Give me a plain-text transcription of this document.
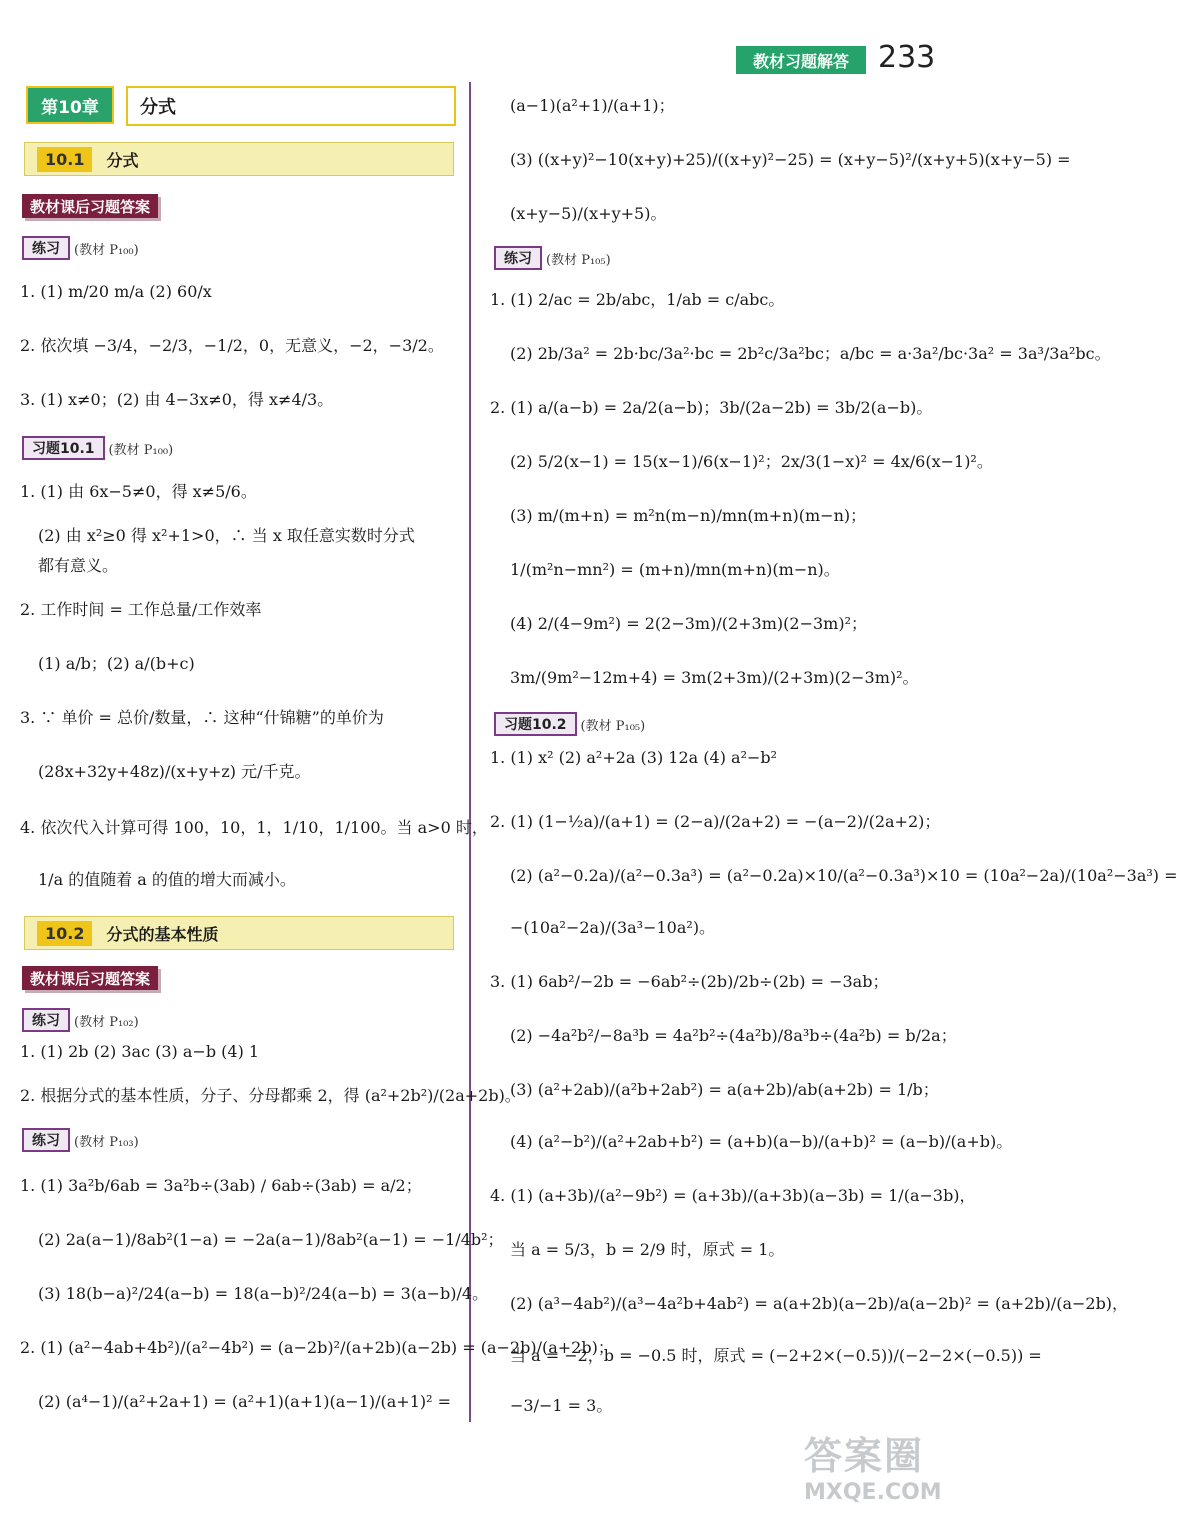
教材习题解答 233
第10章	分式
10.1	分式
教材课后习题答案
练习	(教材 P₁₀₀)
1. (1) m/20 m/a (2) 60/x
2. 依次填 −3/4，−2/3，−1/2，0，无意义，−2，−3/2。
3. (1) x≠0；(2) 由 4−3x≠0，得 x≠4/3。
习题10.1	(教材 P₁₀₀)
1. (1) 由 6x−5≠0，得 x≠5/6。
(2) 由 x²≥0 得 x²+1>0，∴ 当 x 取任意实数时分式
都有意义。
2. 工作时间 = 工作总量/工作效率
(1) a/b；(2) a/(b+c)
3. ∵ 单价 = 总价/数量，∴ 这种“什锦糖”的单价为
(28x+32y+48z)/(x+y+z) 元/千克。
4. 依次代入计算可得 100，10，1，1/10，1/100。当 a>0 时，
1/a 的值随着 a 的值的增大而减小。
10.2	分式的基本性质
教材课后习题答案
练习	(教材 P₁₀₂)
1. (1) 2b (2) 3ac (3) a−b (4) 1
2. 根据分式的基本性质，分子、分母都乘 2，得 (a²+2b²)/(2a+2b)。
练习	(教材 P₁₀₃)
1. (1) 3a²b/6ab = 3a²b÷(3ab) / 6ab÷(3ab) = a/2；
(2) 2a(a−1)/8ab²(1−a) = −2a(a−1)/8ab²(a−1) = −1/4b²；
(3) 18(b−a)²/24(a−b) = 18(a−b)²/24(a−b) = 3(a−b)/4。
2. (1) (a²−4ab+4b²)/(a²−4b²) = (a−2b)²/(a+2b)(a−2b) = (a−2b)/(a+2b)；
(2) (a⁴−1)/(a²+2a+1) = (a²+1)(a+1)(a−1)/(a+1)² =
(a−1)(a²+1)/(a+1)；
(3) ((x+y)²−10(x+y)+25)/((x+y)²−25) = (x+y−5)²/(x+y+5)(x+y−5) =
(x+y−5)/(x+y+5)。
练习	(教材 P₁₀₅)
1. (1) 2/ac = 2b/abc，1/ab = c/abc。
(2) 2b/3a² = 2b·bc/3a²·bc = 2b²c/3a²bc；a/bc = a·3a²/bc·3a² = 3a³/3a²bc。
2. (1) a/(a−b) = 2a/2(a−b)；3b/(2a−2b) = 3b/2(a−b)。
(2) 5/2(x−1) = 15(x−1)/6(x−1)²；2x/3(1−x)² = 4x/6(x−1)²。
(3) m/(m+n) = m²n(m−n)/mn(m+n)(m−n)；
1/(m²n−mn²) = (m+n)/mn(m+n)(m−n)。
(4) 2/(4−9m²) = 2(2−3m)/(2+3m)(2−3m)²；
3m/(9m²−12m+4) = 3m(2+3m)/(2+3m)(2−3m)²。
习题10.2	(教材 P₁₀₅)
1. (1) x² (2) a²+2a (3) 12a (4) a²−b²
2. (1) (1−½a)/(a+1) = (2−a)/(2a+2) = −(a−2)/(2a+2)；
(2) (a²−0.2a)/(a²−0.3a³) = (a²−0.2a)×10/(a²−0.3a³)×10 = (10a²−2a)/(10a²−3a³) =
−(10a²−2a)/(3a³−10a²)。
3. (1) 6ab²/−2b = −6ab²÷(2b)/2b÷(2b) = −3ab；
(2) −4a²b²/−8a³b = 4a²b²÷(4a²b)/8a³b÷(4a²b) = b/2a；
(3) (a²+2ab)/(a²b+2ab²) = a(a+2b)/ab(a+2b) = 1/b；
(4) (a²−b²)/(a²+2ab+b²) = (a+b)(a−b)/(a+b)² = (a−b)/(a+b)。
4. (1) (a+3b)/(a²−9b²) = (a+3b)/(a+3b)(a−3b) = 1/(a−3b)，
当 a = 5/3，b = 2/9 时，原式 = 1。
(2) (a³−4ab²)/(a³−4a²b+4ab²) = a(a+2b)(a−2b)/a(a−2b)² = (a+2b)/(a−2b)，
当 a = −2，b = −0.5 时，原式 = (−2+2×(−0.5))/(−2−2×(−0.5)) =
−3/−1 = 3。
答案圈
MXQE.COM
